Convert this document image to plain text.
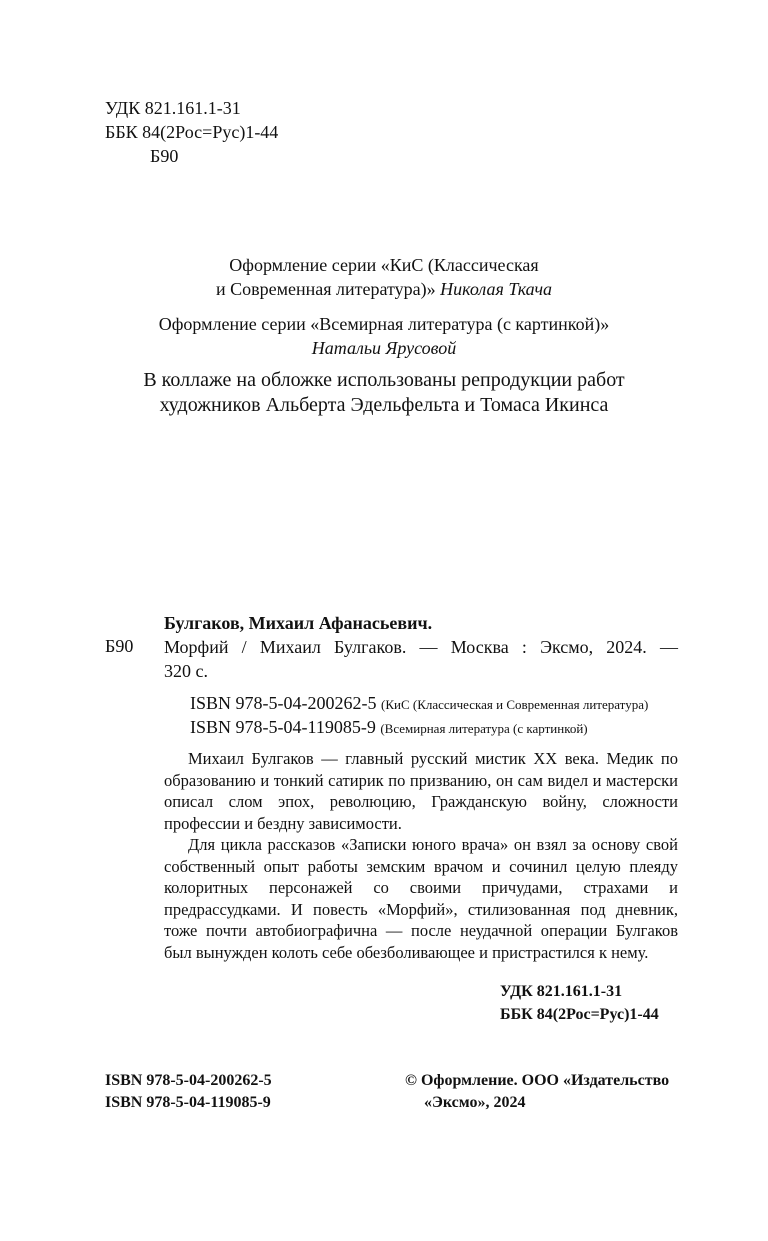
УДК 821.161.1-31
ББК 84(2Рос=Рус)1-44
Б90
Оформление серии «КиС (Классическая
и Современная литература)» Николая Ткача
Оформление серии «Всемирная литература (с картинкой)»
Натальи Ярусовой
В коллаже на обложке использованы репродукции работ
художников Альберта Эдельфельта и Томаса Икинса
Булгаков, Михаил Афанасьевич.
Б90 Морфий / Михаил Булгаков. — Москва : Эксмо, 2024. —
320 с.
ISBN 978-5-04-200262-5 (КиС (Классическая и Современная литература)
ISBN 978-5-04-119085-9 (Всемирная литература (с картинкой)

Михаил Булгаков — главный русский мистик XX века. Медик по образованию и тонкий сатирик по призванию, он сам видел и мастерски описал слом эпох, революцию, Гражданскую войну, сложности профессии и бездну зависимости.

Для цикла рассказов «Записки юного врача» он взял за основу свой собственный опыт работы земским врачом и сочинил целую плеяду колоритных персонажей со своими причудами, страхами и предрассудками. И повесть «Морфий», стилизованная под дневник, тоже почти автобиографична — после неудачной операции Булгаков был вынужден колоть себе обезболивающее и пристрастился к нему.

УДК 821.161.1-31
ББК 84(2Рос=Рус)1-44
ISBN 978-5-04-200262-5
ISBN 978-5-04-119085-9
© Оформление. ООО «Издательство
«Эксмо», 2024
